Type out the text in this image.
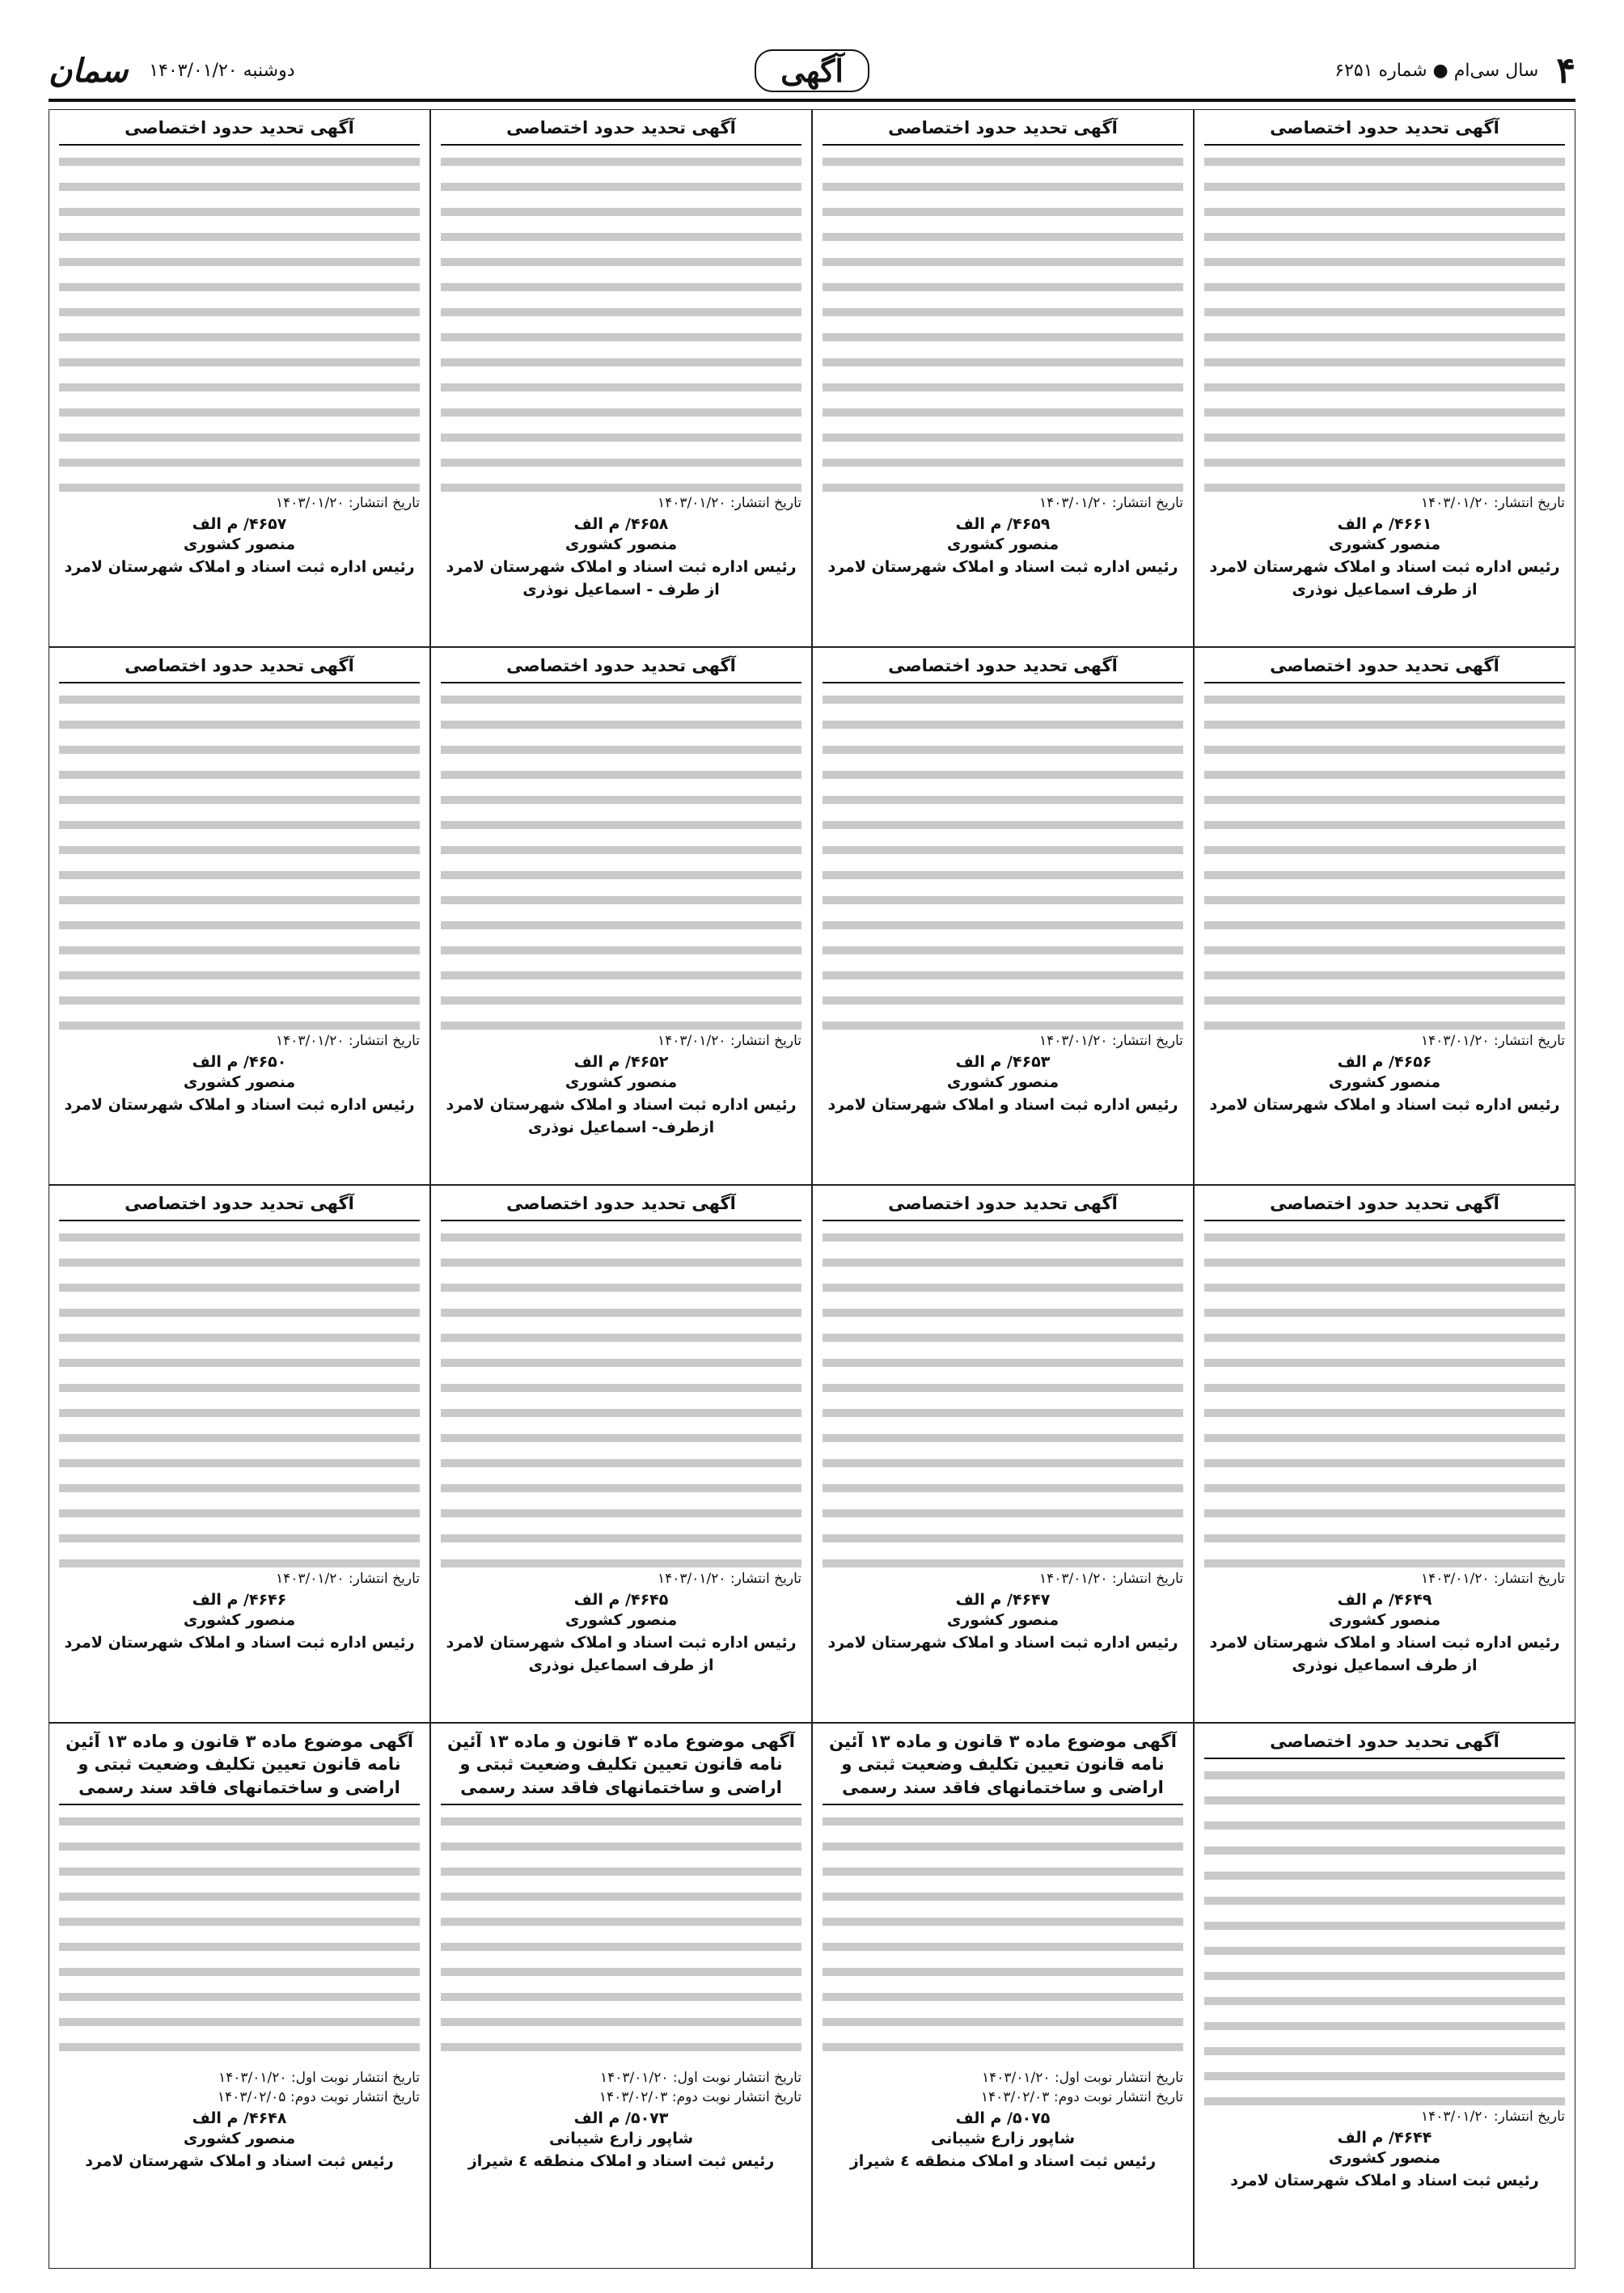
۴
سال سی‌ام ● شماره ۶۲۵۱
آگهی
دوشنبه ۱۴۰۳/۰۱/۲۰
سمان
آگهی تحدید حدود اختصاصی
تاریخ انتشار: ۱۴۰۳/۰۱/۲۰
۴۶۶۱/ م الف
منصور کشوری
رئیس اداره ثبت اسناد و املاک شهرستان لامرد
از طرف اسماعیل نوذری
آگهی تحدید حدود اختصاصی
تاریخ انتشار: ۱۴۰۳/۰۱/۲۰
۴۶۵۹/ م الف
منصور کشوری
رئیس اداره ثبت اسناد و املاک شهرستان لامرد
آگهی تحدید حدود اختصاصی
تاریخ انتشار: ۱۴۰۳/۰۱/۲۰
۴۶۵۸/ م الف
منصور کشوری
رئیس اداره ثبت اسناد و املاک شهرستان لامرد
از طرف - اسماعیل نوذری
آگهی تحدید حدود اختصاصی
تاریخ انتشار: ۱۴۰۳/۰۱/۲۰
۴۶۵۷/ م الف
منصور کشوری
رئیس اداره ثبت اسناد و املاک شهرستان لامرد
آگهی تحدید حدود اختصاصی
تاریخ انتشار: ۱۴۰۳/۰۱/۲۰
۴۶۵۶/ م الف
منصور کشوری
رئیس اداره ثبت اسناد و املاک شهرستان لامرد
آگهی تحدید حدود اختصاصی
تاریخ انتشار: ۱۴۰۳/۰۱/۲۰
۴۶۵۳/ م الف
منصور کشوری
رئیس اداره ثبت اسناد و املاک شهرستان لامرد
آگهی تحدید حدود اختصاصی
تاریخ انتشار: ۱۴۰۳/۰۱/۲۰
۴۶۵۲/ م الف
منصور کشوری
رئیس اداره ثبت اسناد و املاک شهرستان لامرد
ازطرف- اسماعیل نوذری
آگهی تحدید حدود اختصاصی
تاریخ انتشار: ۱۴۰۳/۰۱/۲۰
۴۶۵۰/ م الف
منصور کشوری
رئیس اداره ثبت اسناد و املاک شهرستان لامرد
آگهی تحدید حدود اختصاصی
تاریخ انتشار: ۱۴۰۳/۰۱/۲۰
۴۶۴۹/ م الف
منصور کشوری
رئیس اداره ثبت اسناد و املاک شهرستان لامرد
از طرف اسماعیل نوذری
آگهی تحدید حدود اختصاصی
تاریخ انتشار: ۱۴۰۳/۰۱/۲۰
۴۶۴۷/ م الف
منصور کشوری
رئیس اداره ثبت اسناد و املاک شهرستان لامرد
آگهی تحدید حدود اختصاصی
تاریخ انتشار: ۱۴۰۳/۰۱/۲۰
۴۶۴۵/ م الف
منصور کشوری
رئیس اداره ثبت اسناد و املاک شهرستان لامرد
از طرف اسماعیل نوذری
آگهی تحدید حدود اختصاصی
تاریخ انتشار: ۱۴۰۳/۰۱/۲۰
۴۶۴۶/ م الف
منصور کشوری
رئیس اداره ثبت اسناد و املاک شهرستان لامرد
آگهی تحدید حدود اختصاصی
تاریخ انتشار: ۱۴۰۳/۰۱/۲۰
۴۶۴۴/ م الف
منصور کشوری
رئیس ثبت اسناد و املاک شهرستان لامرد
آگهی موضوع ماده ۳ قانون و ماده ۱۳ آئین نامه قانون تعیین تکلیف وضعیت ثبتی و اراضی و ساختمانهای فاقد سند رسمی
تاریخ انتشار نوبت اول: ۱۴۰۳/۰۱/۲۰
تاریخ انتشار نوبت دوم: ۱۴۰۳/۰۲/۰۳
۵۰۷۵/ م الف
شاپور زارع شیبانی
رئیس ثبت اسناد و املاک منطقه ٤ شیراز
آگهی موضوع ماده ۳ قانون و ماده ۱۳ آئین نامه قانون تعیین تکلیف وضعیت ثبتی و اراضی و ساختمانهای فاقد سند رسمی
تاریخ انتشار نوبت اول: ۱۴۰۳/۰۱/۲۰
تاریخ انتشار نوبت دوم: ۱۴۰۳/۰۲/۰۳
۵۰۷۳/ م الف
شاپور زارع شیبانی
رئیس ثبت اسناد و املاک منطقه ٤ شیراز
آگهی موضوع ماده ۳ قانون و ماده ۱۳ آئین نامه قانون تعیین تکلیف وضعیت ثبتی و اراضی و ساختمانهای فاقد سند رسمی
تاریخ انتشار نوبت اول: ۱۴۰۳/۰۱/۲۰
تاریخ انتشار نوبت دوم: ۱۴۰۳/۰۲/۰۵
۴۶۴۸/ م الف
منصور کشوری
رئیس ثبت اسناد و املاک شهرستان لامرد
